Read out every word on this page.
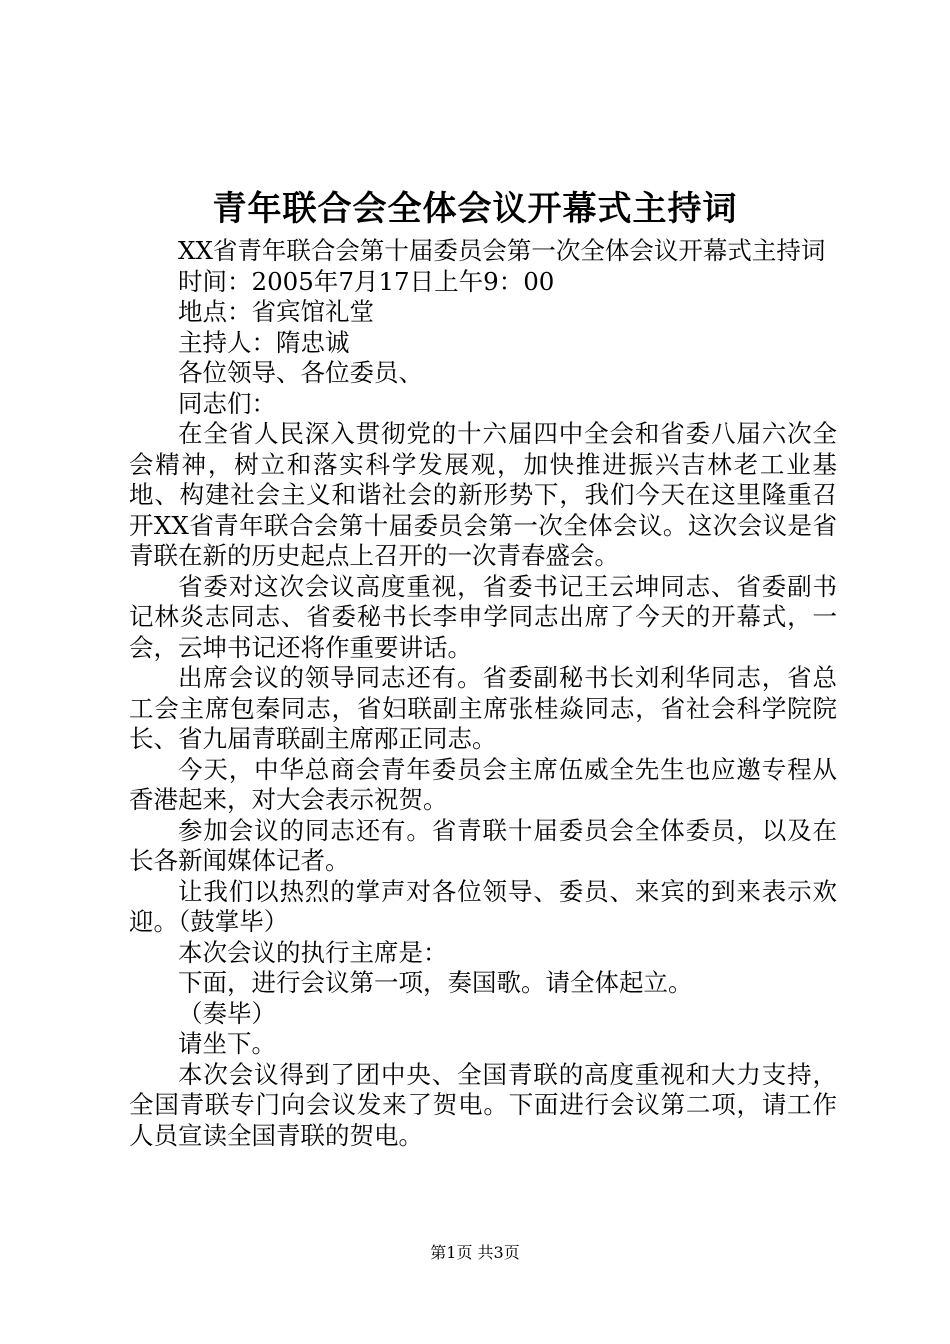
青年联合会全体会议开幕式主持词

XX省青年联合会第十届委员会第一次全体会议开幕式主持词

时间：2005年7月17日上午9：00

地点：省宾馆礼堂

主持人：隋忠诚

各位领导、各位委员、

同志们：

在全省人民深入贯彻党的十六届四中全会和省委八届六次全会精神，树立和落实科学发展观，加快推进振兴吉林老工业基地、构建社会主义和谐社会的新形势下，我们今天在这里隆重召开XX省青年联合会第十届委员会第一次全体会议。这次会议是省青联在新的历史起点上召开的一次青春盛会。

省委对这次会议高度重视，省委书记王云坤同志、省委副书记林炎志同志、省委秘书长李申学同志出席了今天的开幕式，一会，云坤书记还将作重要讲话。

出席会议的领导同志还有。省委副秘书长刘利华同志，省总工会主席包秦同志，省妇联副主席张桂焱同志，省社会科学院院长、省九届青联副主席邴正同志。

今天，中华总商会青年委员会主席伍威全先生也应邀专程从香港起来，对大会表示祝贺。

参加会议的同志还有。省青联十届委员会全体委员，以及在长各新闻媒体记者。

让我们以热烈的掌声对各位领导、委员、来宾的到来表示欢迎。（鼓掌毕）

本次会议的执行主席是：

下面，进行会议第一项，奏国歌。请全体起立。

（奏毕）

请坐下。

本次会议得到了团中央、全国青联的高度重视和大力支持，全国青联专门向会议发来了贺电。下面进行会议第二项，请工作人员宣读全国青联的贺电。

第1页 共3页
